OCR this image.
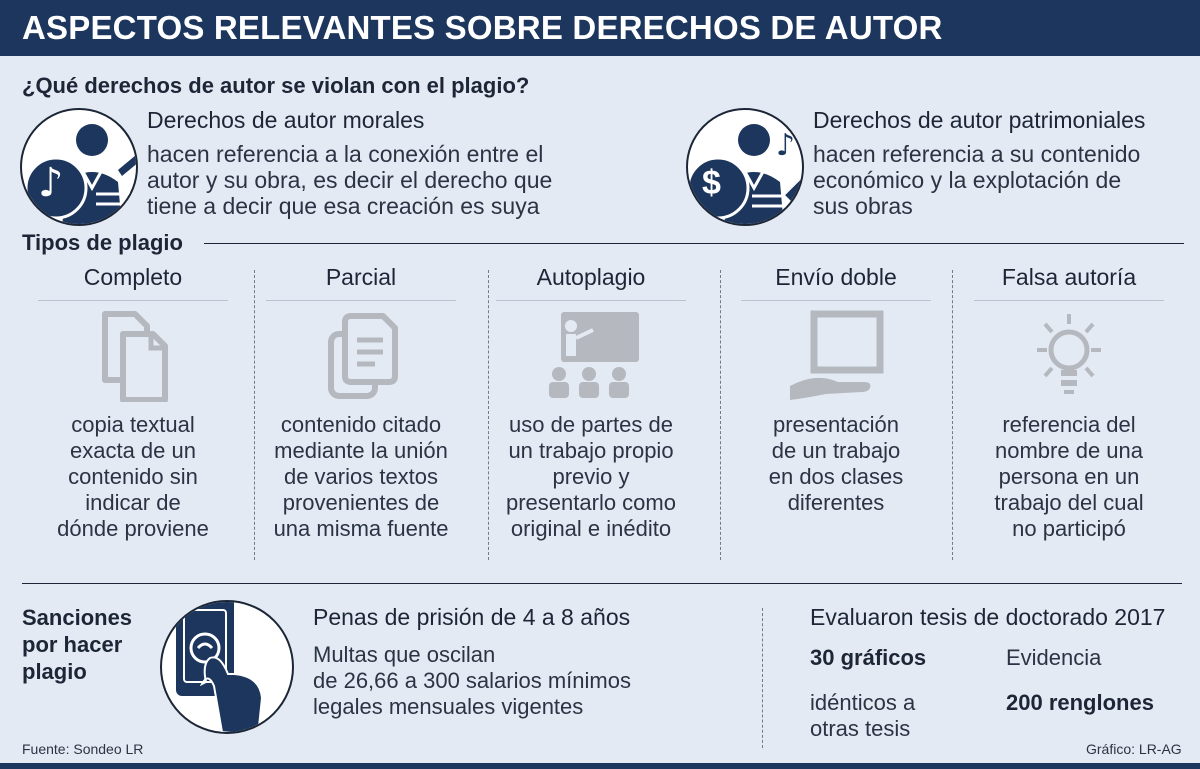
ASPECTOS RELEVANTES SOBRE DERECHOS DE AUTOR
¿Qué derechos de autor se violan con el plagio?
♪
Derechos de autor morales
hacen referencia a la conexión entre el
autor y su obra, es decir el derecho que
tiene a decir que esa creación es suya
$
♪
Derechos de autor patrimoniales
hacen referencia a su contenido
económico y la explotación de
sus obras
Tipos de plagio
Completo
copia textual
exacta de un
contenido sin
indicar de
dónde proviene
Parcial
contenido citado
mediante la unión
de varios textos
provenientes de
una misma fuente
Autoplagio
uso de partes de
un trabajo propio
previo y
presentarlo como
original e inédito
Envío doble
presentación
de un trabajo
en dos clases
diferentes
Falsa autoría
referencia del
nombre de una
persona en un
trabajo del cual
no participó
Sanciones
por hacer
plagio
Penas de prisión de 4 a 8 años
Multas que oscilan
de 26,66 a 300 salarios mínimos
legales mensuales vigentes
Evaluaron tesis de doctorado 2017
30 gráficos	Evidencia
idénticos a
otras tesis
200 renglones
Fuente: Sondeo LR	Gráfico: LR-AG
